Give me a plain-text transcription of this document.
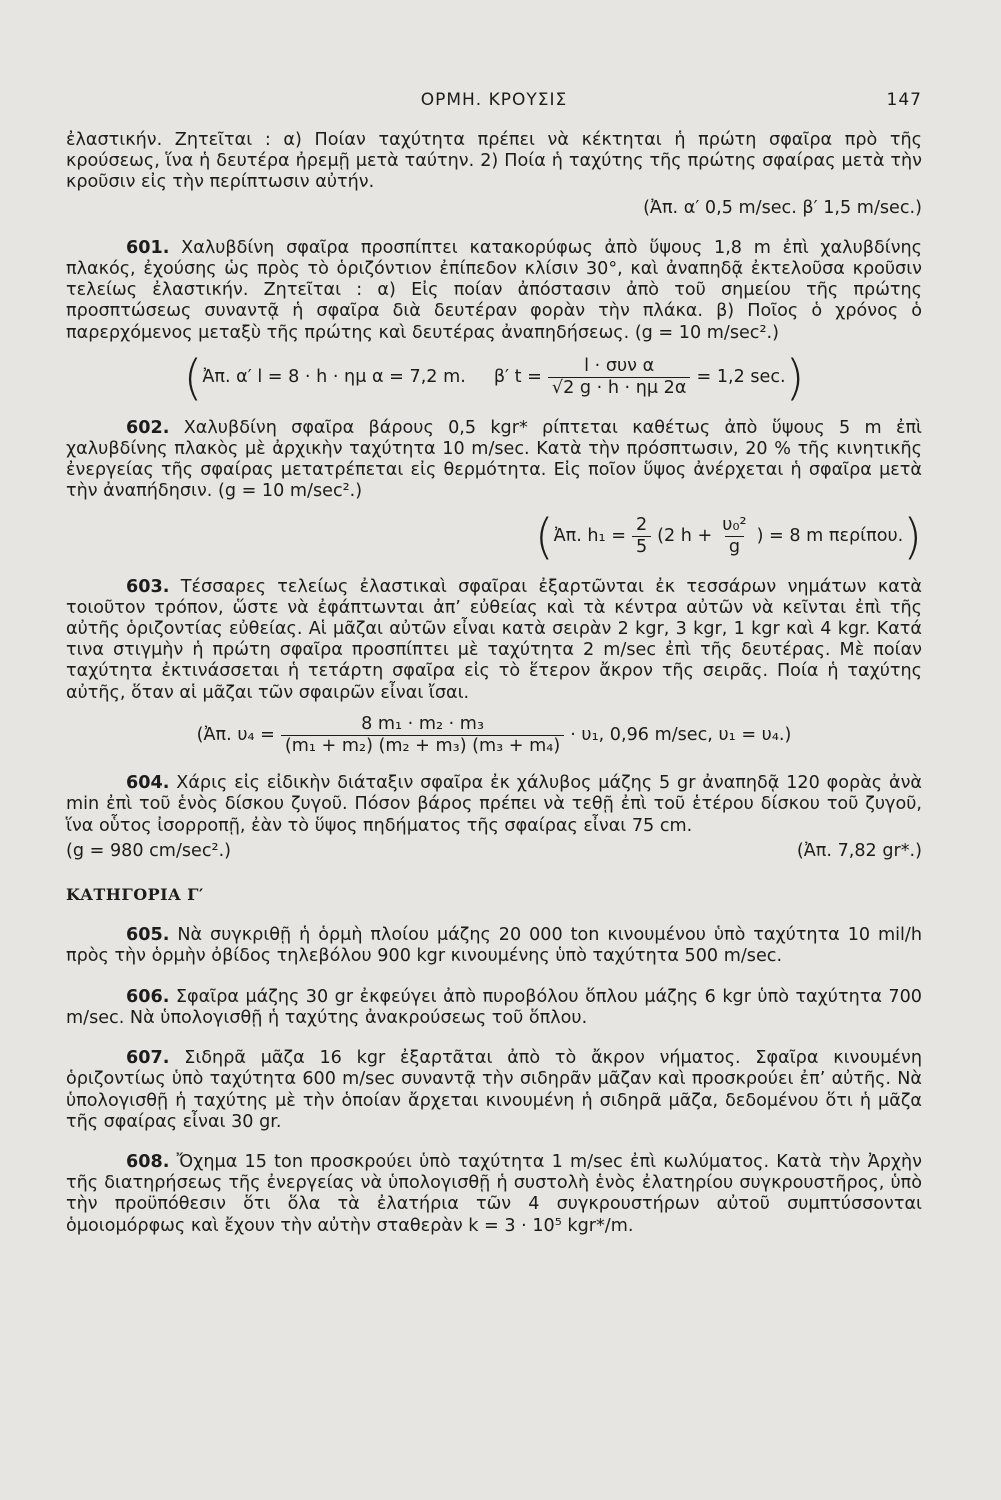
ΟΡΜΗ. ΚΡΟΥΣΙΣ	147

ἐλαστικήν. Ζητεῖται : α) Ποίαν ταχύτητα πρέπει νὰ κέκτηται ἡ πρώτη σφαῖρα πρὸ τῆς κρούσεως, ἵνα ἡ δευτέρα ἠρεμῇ μετὰ ταύτην. 2) Ποία ἡ ταχύτης τῆς πρώτης σφαίρας μετὰ τὴν κροῦσιν εἰς τὴν περίπτωσιν αὐτήν.

(Ἀπ. α′ 0,5 m/sec. β′ 1,5 m/sec.)

601. Χαλυβδίνη σφαῖρα προσπίπτει κατακορύφως ἀπὸ ὕψους 1,8 m ἐπὶ χαλυβδίνης πλακός, ἐχούσης ὡς πρὸς τὸ ὁριζόντιον ἐπίπεδον κλίσιν 30°, καὶ ἀναπηδᾷ ἐκτελοῦσα κροῦσιν τελείως ἐλαστικήν. Ζητεῖται : α) Εἰς ποίαν ἀπόστασιν ἀπὸ τοῦ σημείου τῆς πρώτης προσπτώσεως συναντᾷ ἡ σφαῖρα διὰ δευτέραν φορὰν τὴν πλάκα. β) Ποῖος ὁ χρόνος ὁ παρερχόμενος μεταξὺ τῆς πρώτης καὶ δευτέρας ἀναπηδήσεως. (g = 10 m/sec².)

( Ἀπ. α′ l = 8 · h · ημ α = 7,2 m. β′ $t = \frac{\text{l · συν α}}{√2 g \cdot h \cdot \eta\mu 2\alpha} = 1,2$ sec. )

602. Χαλυβδίνη σφαῖρα βάρους 0,5 kgr* ρίπτεται καθέτως ἀπὸ ὕψους 5 m ἐπὶ χαλυβδίνης πλακὸς μὲ ἀρχικὴν ταχύτητα 10 m/sec. Κατὰ τὴν πρόσπτωσιν, 20 % τῆς κινητικῆς ἐνεργείας τῆς σφαίρας μετατρέπεται εἰς θερμότητα. Εἰς ποῖον ὕψος ἀνέρχεται ἡ σφαῖρα μετὰ τὴν ἀναπήδησιν. (g = 10 m/sec².)

( Ἀπ. $h_1 = \frac{2}{5} (2$ $h + \frac{\text{υ₀²}}{g}$ ) = 8 m περίπου. )

603. Τέσσαρες τελείως ἐλαστικαὶ σφαῖραι ἐξαρτῶνται ἐκ τεσσάρων νημάτων κατὰ τοιοῦτον τρόπον, ὥστε νὰ ἐφάπτωνται ἀπ’ εὐθείας καὶ τὰ κέντρα αὐτῶν νὰ κεῖνται ἐπὶ τῆς αὐτῆς ὁριζοντίας εὐθείας. Αἱ μᾶζαι αὐτῶν εἶναι κατὰ σειρὰν 2 kgr, 3 kgr, 1 kgr καὶ 4 kgr. Κατά τινα στιγμὴν ἡ πρώτη σφαῖρα προσπίπτει μὲ ταχύτητα 2 m/sec ἐπὶ τῆς δευτέρας. Μὲ ποίαν ταχύτητα ἐκτινάσσεται ἡ τετάρτη σφαῖρα εἰς τὸ ἕτερον ἄκρον τῆς σειρᾶς. Ποία ἡ ταχύτης αὐτῆς, ὅταν αἱ μᾶζαι τῶν σφαιρῶν εἶναι ἴσαι.

(Ἀπ. $\upsilon_4 = \frac{\text{8 m₁ · m₂ · m₃}}{\text{(m₁ + m₂) (m₂ + m₃) (m₃ + m₄)}} \cdot \upsilon_1$, 0,96 m/sec, υ₁ = υ₄.)

604. Χάρις εἰς εἰδικὴν διάταξιν σφαῖρα ἐκ χάλυβος μάζης 5 gr ἀναπηδᾷ 120 φορὰς ἀνὰ min ἐπὶ τοῦ ἑνὸς δίσκου ζυγοῦ. Πόσον βάρος πρέπει νὰ τεθῇ ἐπὶ τοῦ ἑτέρου δίσκου τοῦ ζυγοῦ, ἵνα οὗτος ἰσορροπῇ, ἐὰν τὸ ὕψος πηδήματος τῆς σφαίρας εἶναι 75 cm.

(g = 980 cm/sec².)	(Ἀπ. 7,82 gr*.)
ΚΑΤΗΓΟΡΙΑ Γ′

605. Νὰ συγκριθῇ ἡ ὁρμὴ πλοίου μάζης 20 000 ton κινουμένου ὑπὸ ταχύτητα 10 mil/h πρὸς τὴν ὁρμὴν ὀβίδος τηλεβόλου 900 kgr κινουμένης ὑπὸ ταχύτητα 500 m/sec.

606. Σφαῖρα μάζης 30 gr ἐκφεύγει ἀπὸ πυροβόλου ὅπλου μάζης 6 kgr ὑπὸ ταχύτητα 700 m/sec. Νὰ ὑπολογισθῇ ἡ ταχύτης ἀνακρούσεως τοῦ ὅπλου.

607. Σιδηρᾶ μᾶζα 16 kgr ἐξαρτᾶται ἀπὸ τὸ ἄκρον νήματος. Σφαῖρα κινουμένη ὁριζοντίως ὑπὸ ταχύτητα 600 m/sec συναντᾷ τὴν σιδηρᾶν μᾶζαν καὶ προσκρούει ἐπ’ αὐτῆς. Νὰ ὑπολογισθῇ ἡ ταχύτης μὲ τὴν ὁποίαν ἄρχεται κινουμένη ἡ σιδηρᾶ μᾶζα, δεδομένου ὅτι ἡ μᾶζα τῆς σφαίρας εἶναι 30 gr.

608. Ὄχημα 15 ton προσκρούει ὑπὸ ταχύτητα 1 m/sec ἐπὶ κωλύματος. Κατὰ τὴν Ἀρχὴν τῆς διατηρήσεως τῆς ἐνεργείας νὰ ὑπολογισθῇ ἡ συστολὴ ἑνὸς ἐλατηρίου συγκρουστῆρος, ὑπὸ τὴν προϋπόθεσιν ὅτι ὅλα τὰ ἐλατήρια τῶν 4 συγκρουστήρων αὐτοῦ συμπτύσσονται ὁμοιομόρφως καὶ ἔχουν τὴν αὐτὴν σταθερὰν k = 3 · 10⁵ kgr*/m.
